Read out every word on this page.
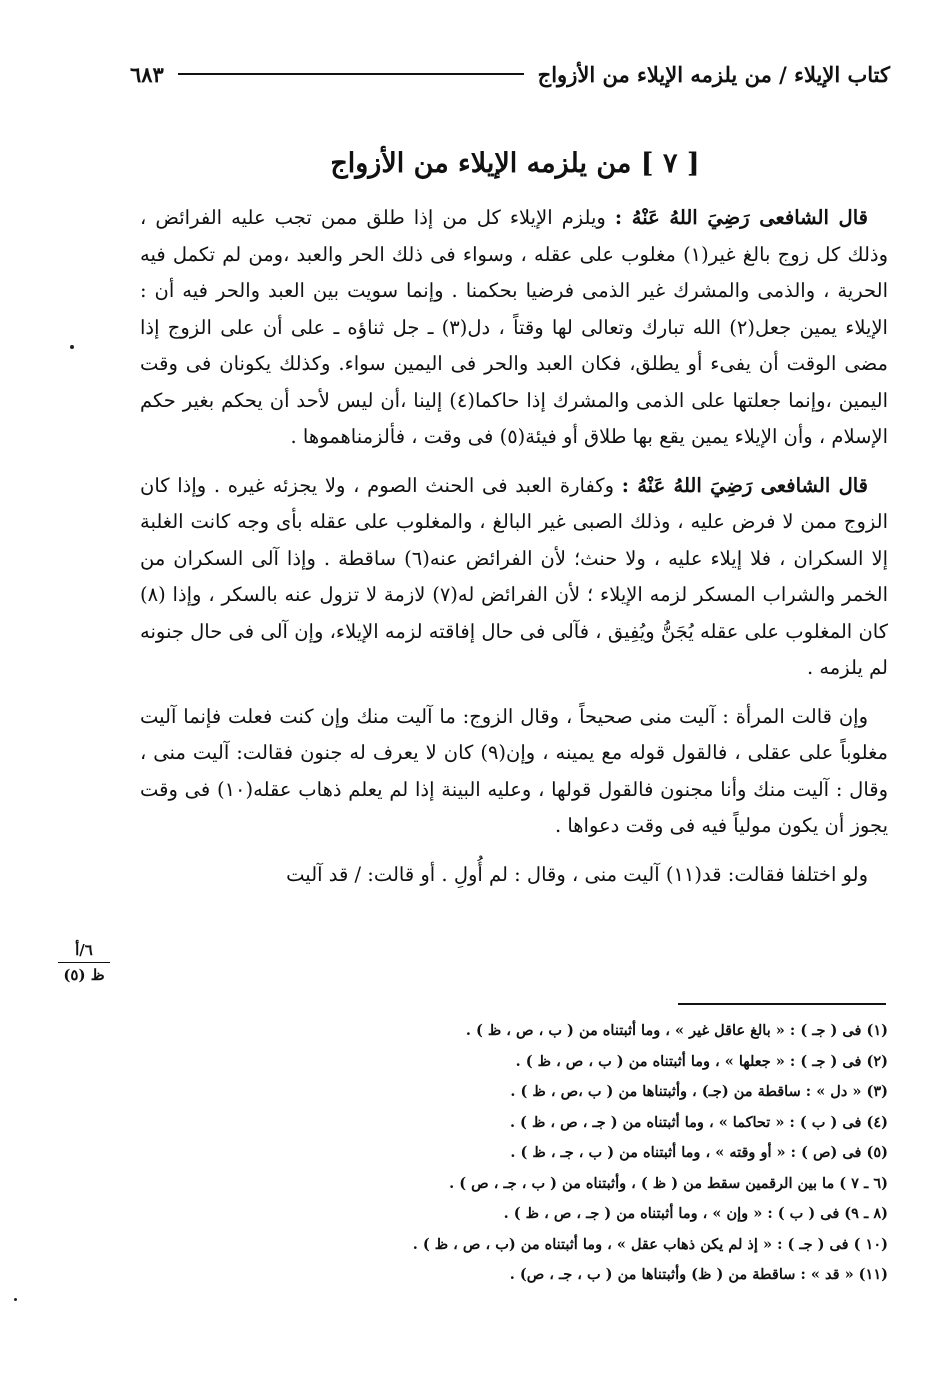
كتاب الإيلاء / من يلزمه الإيلاء من الأزواج
٦٨٣
[ ٧ ] من يلزمه الإيلاء من الأزواج

قال الشافعى رَضِيَ اللهُ عَنْهُ : ويلزم الإيلاء كل من إذا طلق ممن تجب عليه الفرائض ، وذلك كل زوج بالغ غير(١) مغلوب على عقله ، وسواء فى ذلك الحر والعبد ،ومن لم تكمل فيه الحرية ، والذمى والمشرك غير الذمى فرضيا بحكمنا . وإنما سويت بين العبد والحر فيه أن : الإيلاء يمين جعل(٢) الله تبارك وتعالى لها وقتاً ، دل(٣) ـ جل ثناؤه ـ على أن على الزوج إذا مضى الوقت أن يفىء أو يطلق، فكان العبد والحر فى اليمين سواء. وكذلك يكونان فى وقت اليمين ،وإنما جعلتها على الذمى والمشرك إذا حاكما(٤) إلينا ،أن ليس لأحد أن يحكم بغير حكم الإسلام ، وأن الإيلاء يمين يقع بها طلاق أو فيئة(٥) فى وقت ، فألزمناهموها .

قال الشافعى رَضِيَ اللهُ عَنْهُ : وكفارة العبد فى الحنث الصوم ، ولا يجزئه غيره . وإذا كان الزوج ممن لا فرض عليه ، وذلك الصبى غير البالغ ، والمغلوب على عقله بأى وجه كانت الغلبة إلا السكران ، فلا إيلاء عليه ، ولا حنث؛ لأن الفرائض عنه(٦) ساقطة . وإذا آلى السكران من الخمر والشراب المسكر لزمه الإيلاء ؛ لأن الفرائض له(٧) لازمة لا تزول عنه بالسكر ، وإذا (٨) كان المغلوب على عقله يُجَنُّ ويُفِيق ، فآلى فى حال إفاقته لزمه الإيلاء، وإن آلى فى حال جنونه لم يلزمه .

وإن قالت المرأة : آليت منى صحيحاً ، وقال الزوج: ما آليت منك وإن كنت فعلت فإنما آليت مغلوباً على عقلى ، فالقول قوله مع يمينه ، وإن(٩) كان لا يعرف له جنون فقالت: آليت منى ، وقال : آليت منك وأنا مجنون فالقول قولها ، وعليه البينة إذا لم يعلم ذهاب عقله(١٠) فى وقت يجوز أن يكون مولياً فيه فى وقت دعواها .

ولو اختلفا فقالت: قد(١١) آليت منى ، وقال : لم أُولِ . أو قالت: / قد آليت

٦/أ
ظ (٥)
(١) فى ( جـ ) : « بالغ عاقل غير » ، وما أثبتناه من ( ب ، ص ، ظ ) .
(٢) فى ( جـ ) : « جعلها » ، وما أثبتناه من ( ب ، ص ، ظ ) .
(٣) « دل » : ساقطة من (جـ) ، وأثبتناها من ( ب ،ص ، ظ ) .
(٤) فى ( ب ) : « تحاكما » ، وما أثبتناه من ( جـ ، ص ، ظ ) .
(٥) فى (ص ) : « أو وقته » ، وما أثبتناه من ( ب ، جـ ، ظ ) .
(٦ ـ ٧ ) ما بين الرقمين سقط من ( ظ ) ، وأثبتناه من ( ب ، جـ ، ص ) .
(٨ ـ ٩) فى ( ب ) : « وإن » ، وما أثبتناه من ( جـ ، ص ، ظ ) .
(١٠ ) فى ( جـ ) : « إذ لم يكن ذهاب عقل » ، وما أثبتناه من (ب ، ص ، ظ ) .
(١١) « قد » : ساقطة من ( ظ) وأثبتناها من ( ب ، جـ ، ص) .
